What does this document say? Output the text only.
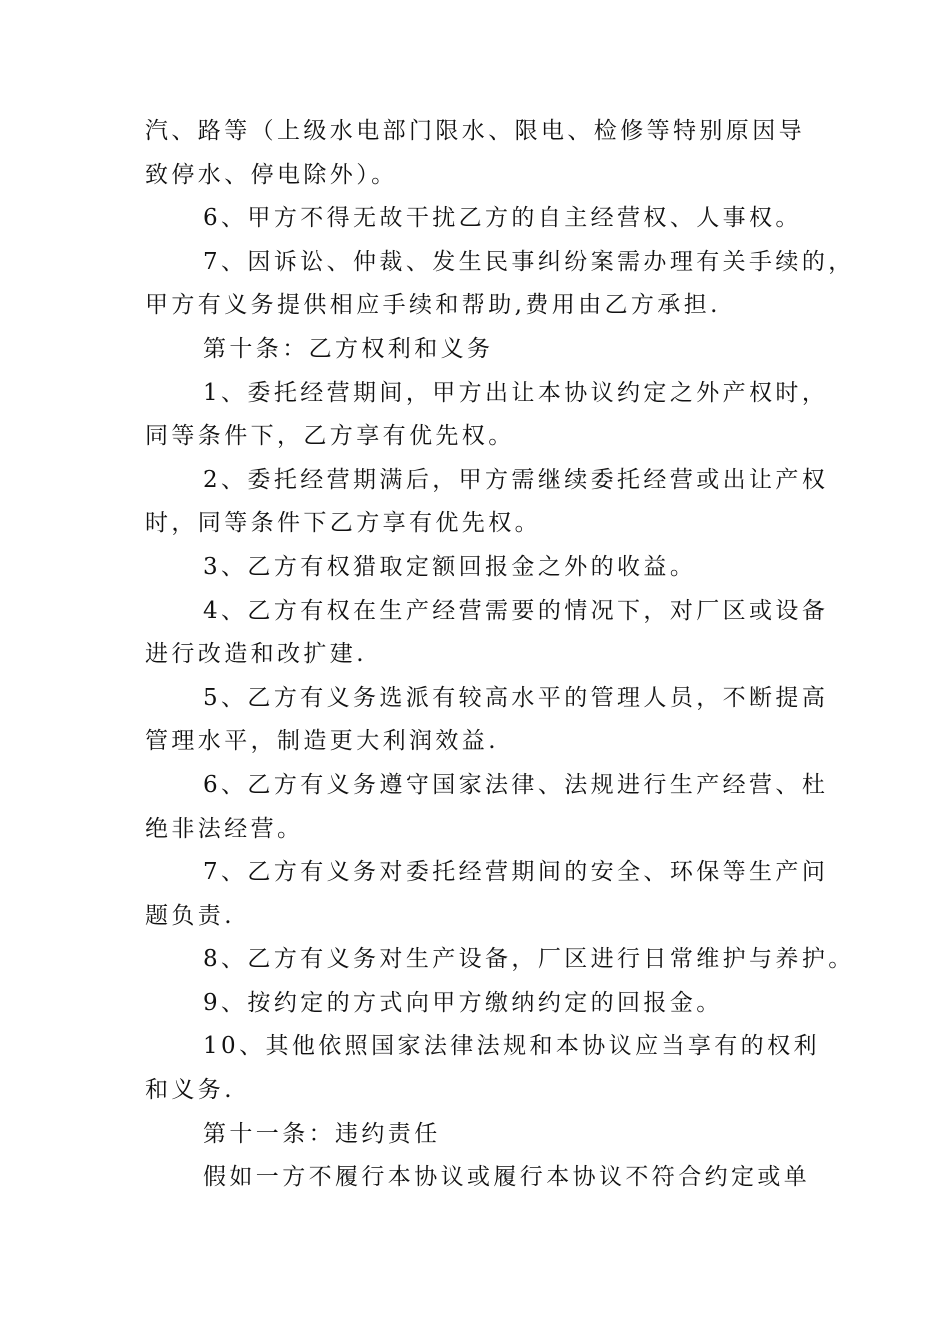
汽、路等（上级水电部门限水、限电、检修等特别原因导
致停水、停电除外）。
6、甲方不得无故干扰乙方的自主经营权、人事权。
7、因诉讼、仲裁、发生民事纠纷案需办理有关手续的，
甲方有义务提供相应手续和帮助,费用由乙方承担.
第十条：乙方权利和义务
1、委托经营期间，甲方出让本协议约定之外产权时，
同等条件下，乙方享有优先权。
2、委托经营期满后，甲方需继续委托经营或出让产权
时，同等条件下乙方享有优先权。
3、乙方有权猎取定额回报金之外的收益。
4、乙方有权在生产经营需要的情况下，对厂区或设备
进行改造和改扩建.
5、乙方有义务选派有较高水平的管理人员，不断提高
管理水平，制造更大利润效益.
6、乙方有义务遵守国家法律、法规进行生产经营、杜
绝非法经营。
7、乙方有义务对委托经营期间的安全、环保等生产问
题负责.
8、乙方有义务对生产设备，厂区进行日常维护与养护。
9、按约定的方式向甲方缴纳约定的回报金。
10、其他依照国家法律法规和本协议应当享有的权利
和义务.
第十一条：违约责任
假如一方不履行本协议或履行本协议不符合约定或单
